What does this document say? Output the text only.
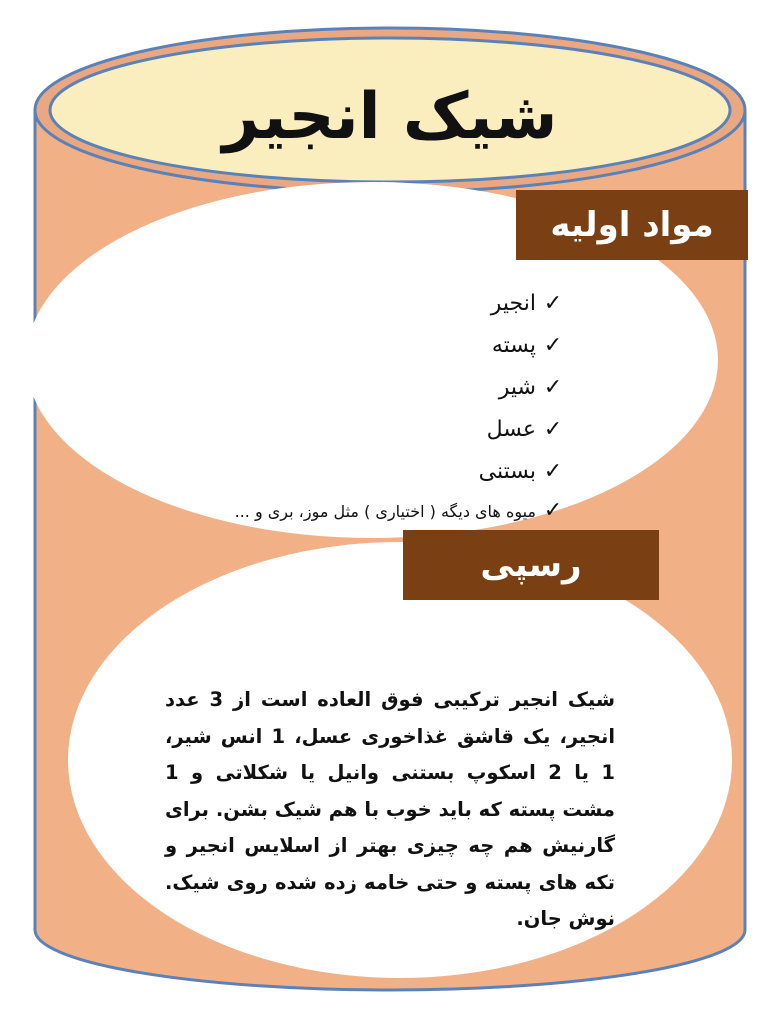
شیک انجیر
مواد اولیه
✓انجیر
✓پسته
✓شیر
✓عسل
✓بستنی
✓میوه های دیگه ( اختیاری ) مثل موز، بری و ...
رسپی
شیک انجیر ترکیبی فوق العاده است از 3 عدد انجیر، یک قاشق غذاخوری عسل، 1 انس شیر، 1 یا 2 اسکوپ بستنی وانیل یا شکلاتی و 1 مشت پسته که باید خوب با هم شیک بشن. برای گارنیش هم چه چیزی بهتر از اسلایس انجیر و تکه های پسته و حتی خامه زده شده روی شیک. نوش جان.
